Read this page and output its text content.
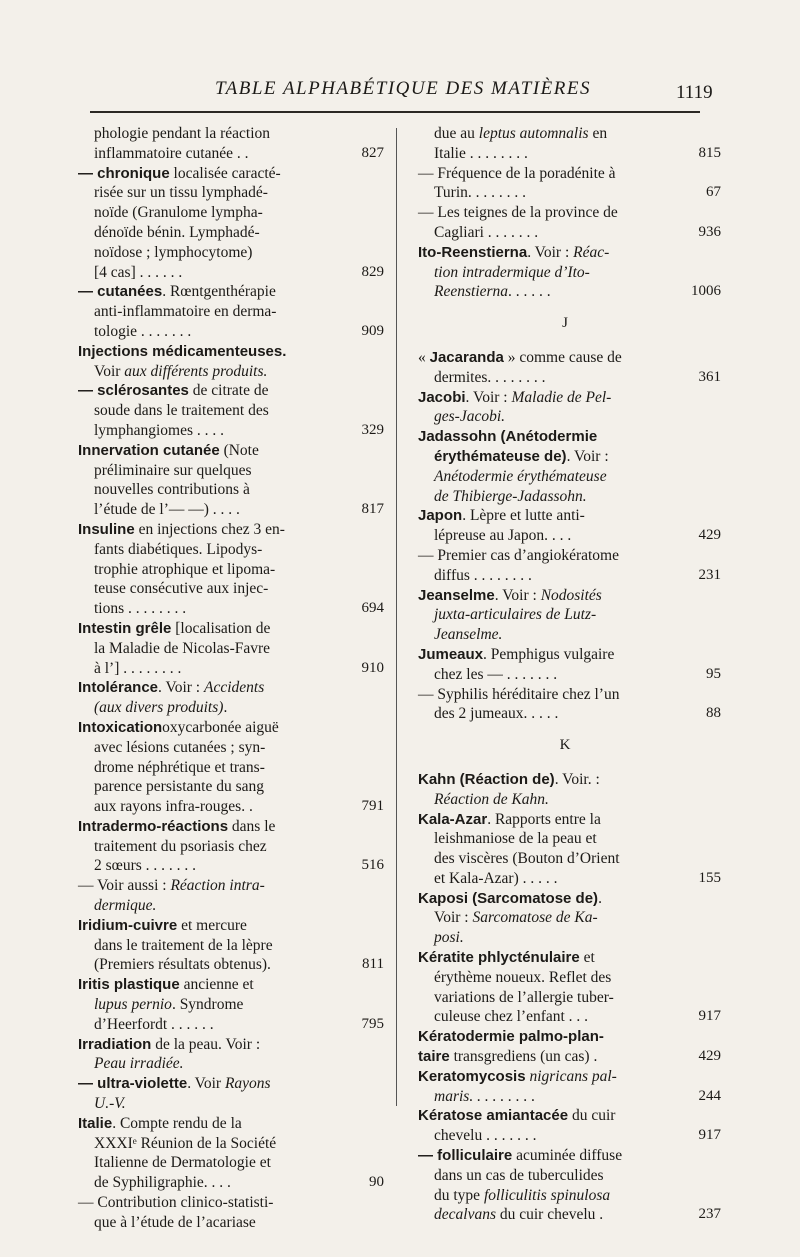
TABLE ALPHABÉTIQUE DES MATIÈRES	1119
phologie pendant la réaction
inflammatoire cutanée . .	827
— chronique localisée caracté-
risée sur un tissu lymphadé-
noïde (Granulome lympha-
dénoïde bénin. Lymphadé-
noïdose ; lymphocytome)
[4 cas] . . . . . .	829
— cutanées. Rœntgenthérapie
anti-inflammatoire en derma-
tologie . . . . . . .	909
Injections médicamenteuses.
Voir aux différents produits.
— sclérosantes de citrate de
soude dans le traitement des
lymphangiomes . . . .	329
Innervation cutanée (Note
préliminaire sur quelques
nouvelles contributions à
l’étude de l’— —) . . . .	817
Insuline en injections chez 3 en-
fants diabétiques. Lipodys-
trophie atrophique et lipoma-
teuse consécutive aux injec-
tions . . . . . . . .	694
Intestin grêle [localisation de
la Maladie de Nicolas-Favre
à l’] . . . . . . . .	910
Intolérance. Voir : Accidents
(aux divers produits).
Intoxicationoxycarbonée aiguë
avec lésions cutanées ; syn-
drome néphrétique et trans-
parence persistante du sang
aux rayons infra-rouges. .	791
Intradermo-réactions dans le
traitement du psoriasis chez
2 sœurs . . . . . . .	516
— Voir aussi : Réaction intra-
dermique.
Iridium-cuivre et mercure
dans le traitement de la lèpre
(Premiers résultats obtenus).	811
Iritis plastique ancienne et
lupus pernio. Syndrome
d’Heerfordt . . . . . .	795
Irradiation de la peau. Voir :
Peau irradiée.
— ultra-violette. Voir Rayons
U.-V.
Italie. Compte rendu de la
XXXIᵉ Réunion de la Société
Italienne de Dermatologie et
de Syphiligraphie. . . .	90
— Contribution clinico-statisti-
que à l’étude de l’acariase
due au leptus automnalis en
Italie . . . . . . . .	815
— Fréquence de la poradénite à
Turin. . . . . . . .	67
— Les teignes de la province de
Cagliari . . . . . . .	936
Ito-Reenstierna. Voir : Réac-
tion intradermique d’Ito-
Reenstierna. . . . . .	1006
J
« Jacaranda » comme cause de
dermites. . . . . . . .	361
Jacobi. Voir : Maladie de Pel-
ges-Jacobi.
Jadassohn (Anétodermie
érythémateuse de). Voir :
Anétodermie érythémateuse
de Thibierge-Jadassohn.
Japon. Lèpre et lutte anti-
lépreuse au Japon. . . .	429
— Premier cas d’angiokératome
diffus . . . . . . . .	231
Jeanselme. Voir : Nodosités
juxta-articulaires de Lutz-
Jeanselme.
Jumeaux. Pemphigus vulgaire
chez les — . . . . . . .	95
— Syphilis héréditaire chez l’un
des 2 jumeaux. . . . .	88
K
Kahn (Réaction de). Voir. :
Réaction de Kahn.
Kala-Azar. Rapports entre la
leishmaniose de la peau et
des viscères (Bouton d’Orient
et Kala-Azar) . . . . .	155
Kaposi (Sarcomatose de).
Voir : Sarcomatose de Ka-
posi.
Kératite phlycténulaire et
érythème noueux. Reflet des
variations de l’allergie tuber-
culeuse chez l’enfant . . .	917
Kératodermie palmo-plan-
taire transgrediens (un cas) .	429
Keratomycosis nigricans pal-
maris. . . . . . . . .	244
Kératose amiantacée du cuir
chevelu . . . . . . .	917
— folliculaire acuminée diffuse
dans un cas de tuberculides
du type folliculitis spinulosa
decalvans du cuir chevelu .	237
